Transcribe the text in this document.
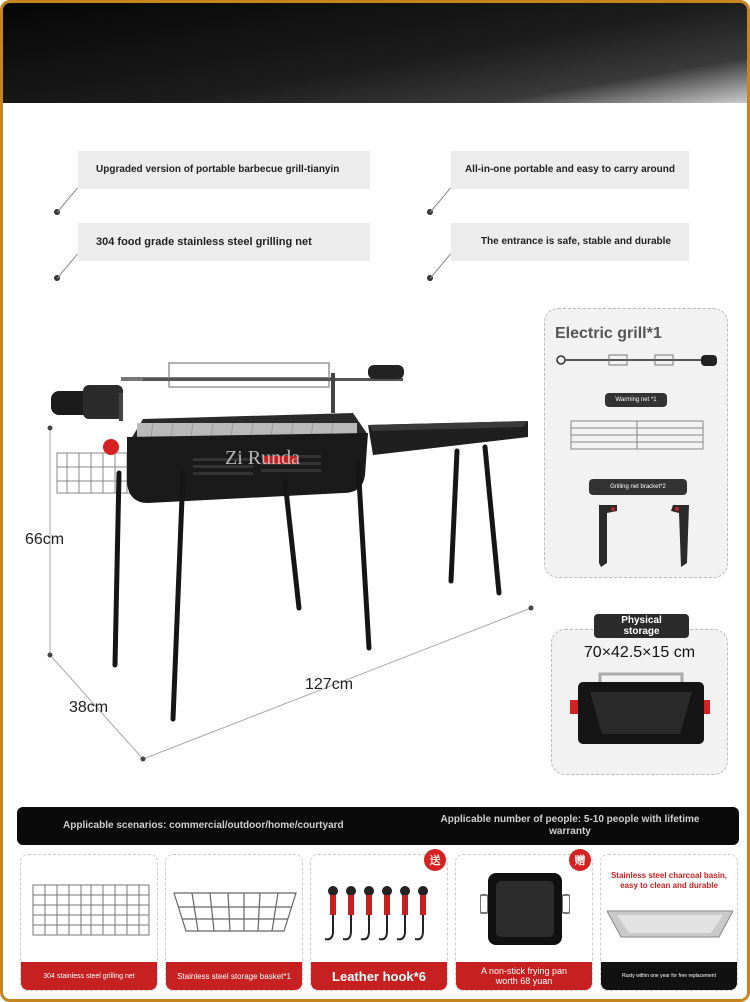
Upgraded version of portable barbecue grill-tianyin	All-in-one portable and easy to carry around
304 food grade stainless steel grilling net	The entrance is safe, stable and durable
Zi Runda
66cm
38cm
127cm
Electric grill*1
Warming net *1
Grilling net bracket*2
70×42.5×15 cm
Physical storage
Applicable scenarios: commercial/outdoor/home/courtyard
Applicable number of people: 5-10 people with lifetime warranty
304 stainless steel grilling net	Stainless steel storage basket*1	Leather hook*6
送
A non-stick frying pan worth 68 yuan
赠
Stainless steel charcoal basin, easy to clean and durable
Rusty within one year for free replacement
